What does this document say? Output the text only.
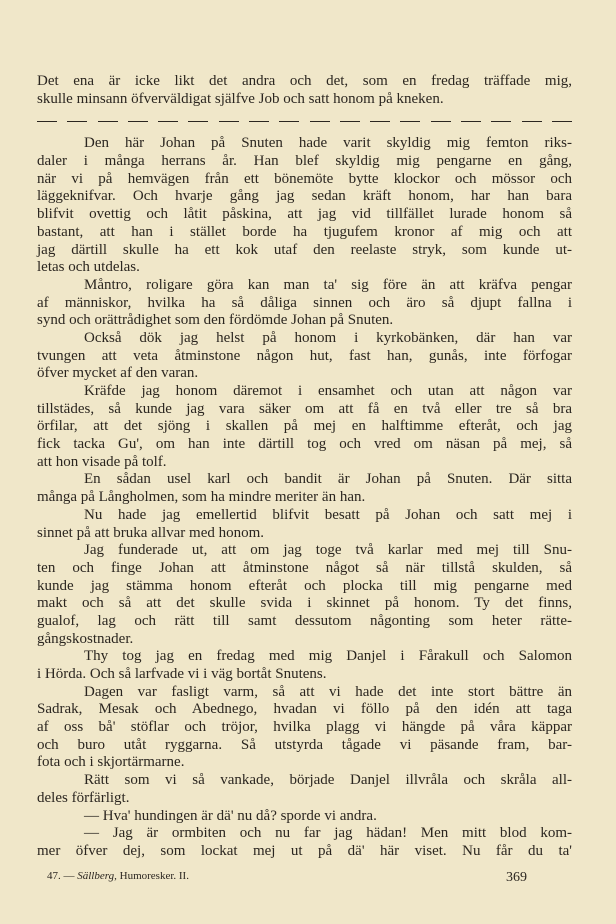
Det ena är icke likt det andra och det, som en fredag träffade mig,
skulle minsann öfverväldigat själfve Job och satt honom på kneken.
Den här Johan på Snuten hade varit skyldig mig femton riks-
daler i många herrans år. Han blef skyldig mig pengarne en gång,
när vi på hemvägen från ett bönemöte bytte klockor och mössor och
läggeknifvar. Och hvarje gång jag sedan kräft honom, har han bara
blifvit ovettig och låtit påskina, att jag vid tillfället lurade honom så
bastant, att han i stället borde ha tjugufem kronor af mig och att
jag därtill skulle ha ett kok utaf den reelaste stryk, som kunde ut-
letas och utdelas.
Måntro, roligare göra kan man ta' sig före än att kräfva pengar
af människor, hvilka ha så dåliga sinnen och äro så djupt fallna i
synd och orättrådighet som den fördömde Johan på Snuten.
Också dök jag helst på honom i kyrkobänken, där han var
tvungen att veta åtminstone någon hut, fast han, gunås, inte förfogar
öfver mycket af den varan.
Kräfde jag honom däremot i ensamhet och utan att någon var
tillstädes, så kunde jag vara säker om att få en två eller tre så bra
örfilar, att det sjöng i skallen på mej en halftimme efteråt, och jag
fick tacka Gu', om han inte därtill tog och vred om näsan på mej, så
att hon visade på tolf.
En sådan usel karl och bandit är Johan på Snuten. Där sitta
många på Långholmen, som ha mindre meriter än han.
Nu hade jag emellertid blifvit besatt på Johan och satt mej i
sinnet på att bruka allvar med honom.
Jag funderade ut, att om jag toge två karlar med mej till Snu-
ten och finge Johan att åtminstone något så när tillstå skulden, så
kunde jag stämma honom efteråt och plocka till mig pengarne med
makt och så att det skulle svida i skinnet på honom. Ty det finns,
gualof, lag och rätt till samt dessutom någonting som heter rätte-
gångskostnader.
Thy tog jag en fredag med mig Danjel i Fårakull och Salomon
i Hörda. Och så larfvade vi i väg bortåt Snutens.
Dagen var fasligt varm, så att vi hade det inte stort bättre än
Sadrak, Mesak och Abednego, hvadan vi föllo på den idén att taga
af oss bå' stöflar och tröjor, hvilka plagg vi hängde på våra käppar
och buro utåt ryggarna. Så utstyrda tågade vi päsande fram, bar-
fota och i skjortärmarne.
Rätt som vi så vankade, började Danjel illvråla och skråla all-
deles förfärligt.
— Hva' hundingen är dä' nu då? sporde vi andra.
— Jag är ormbiten och nu far jag hädan! Men mitt blod kom-
mer öfver dej, som lockat mej ut på dä' här viset. Nu får du ta'
47. — Sällberg, Humoresker. II.	369
